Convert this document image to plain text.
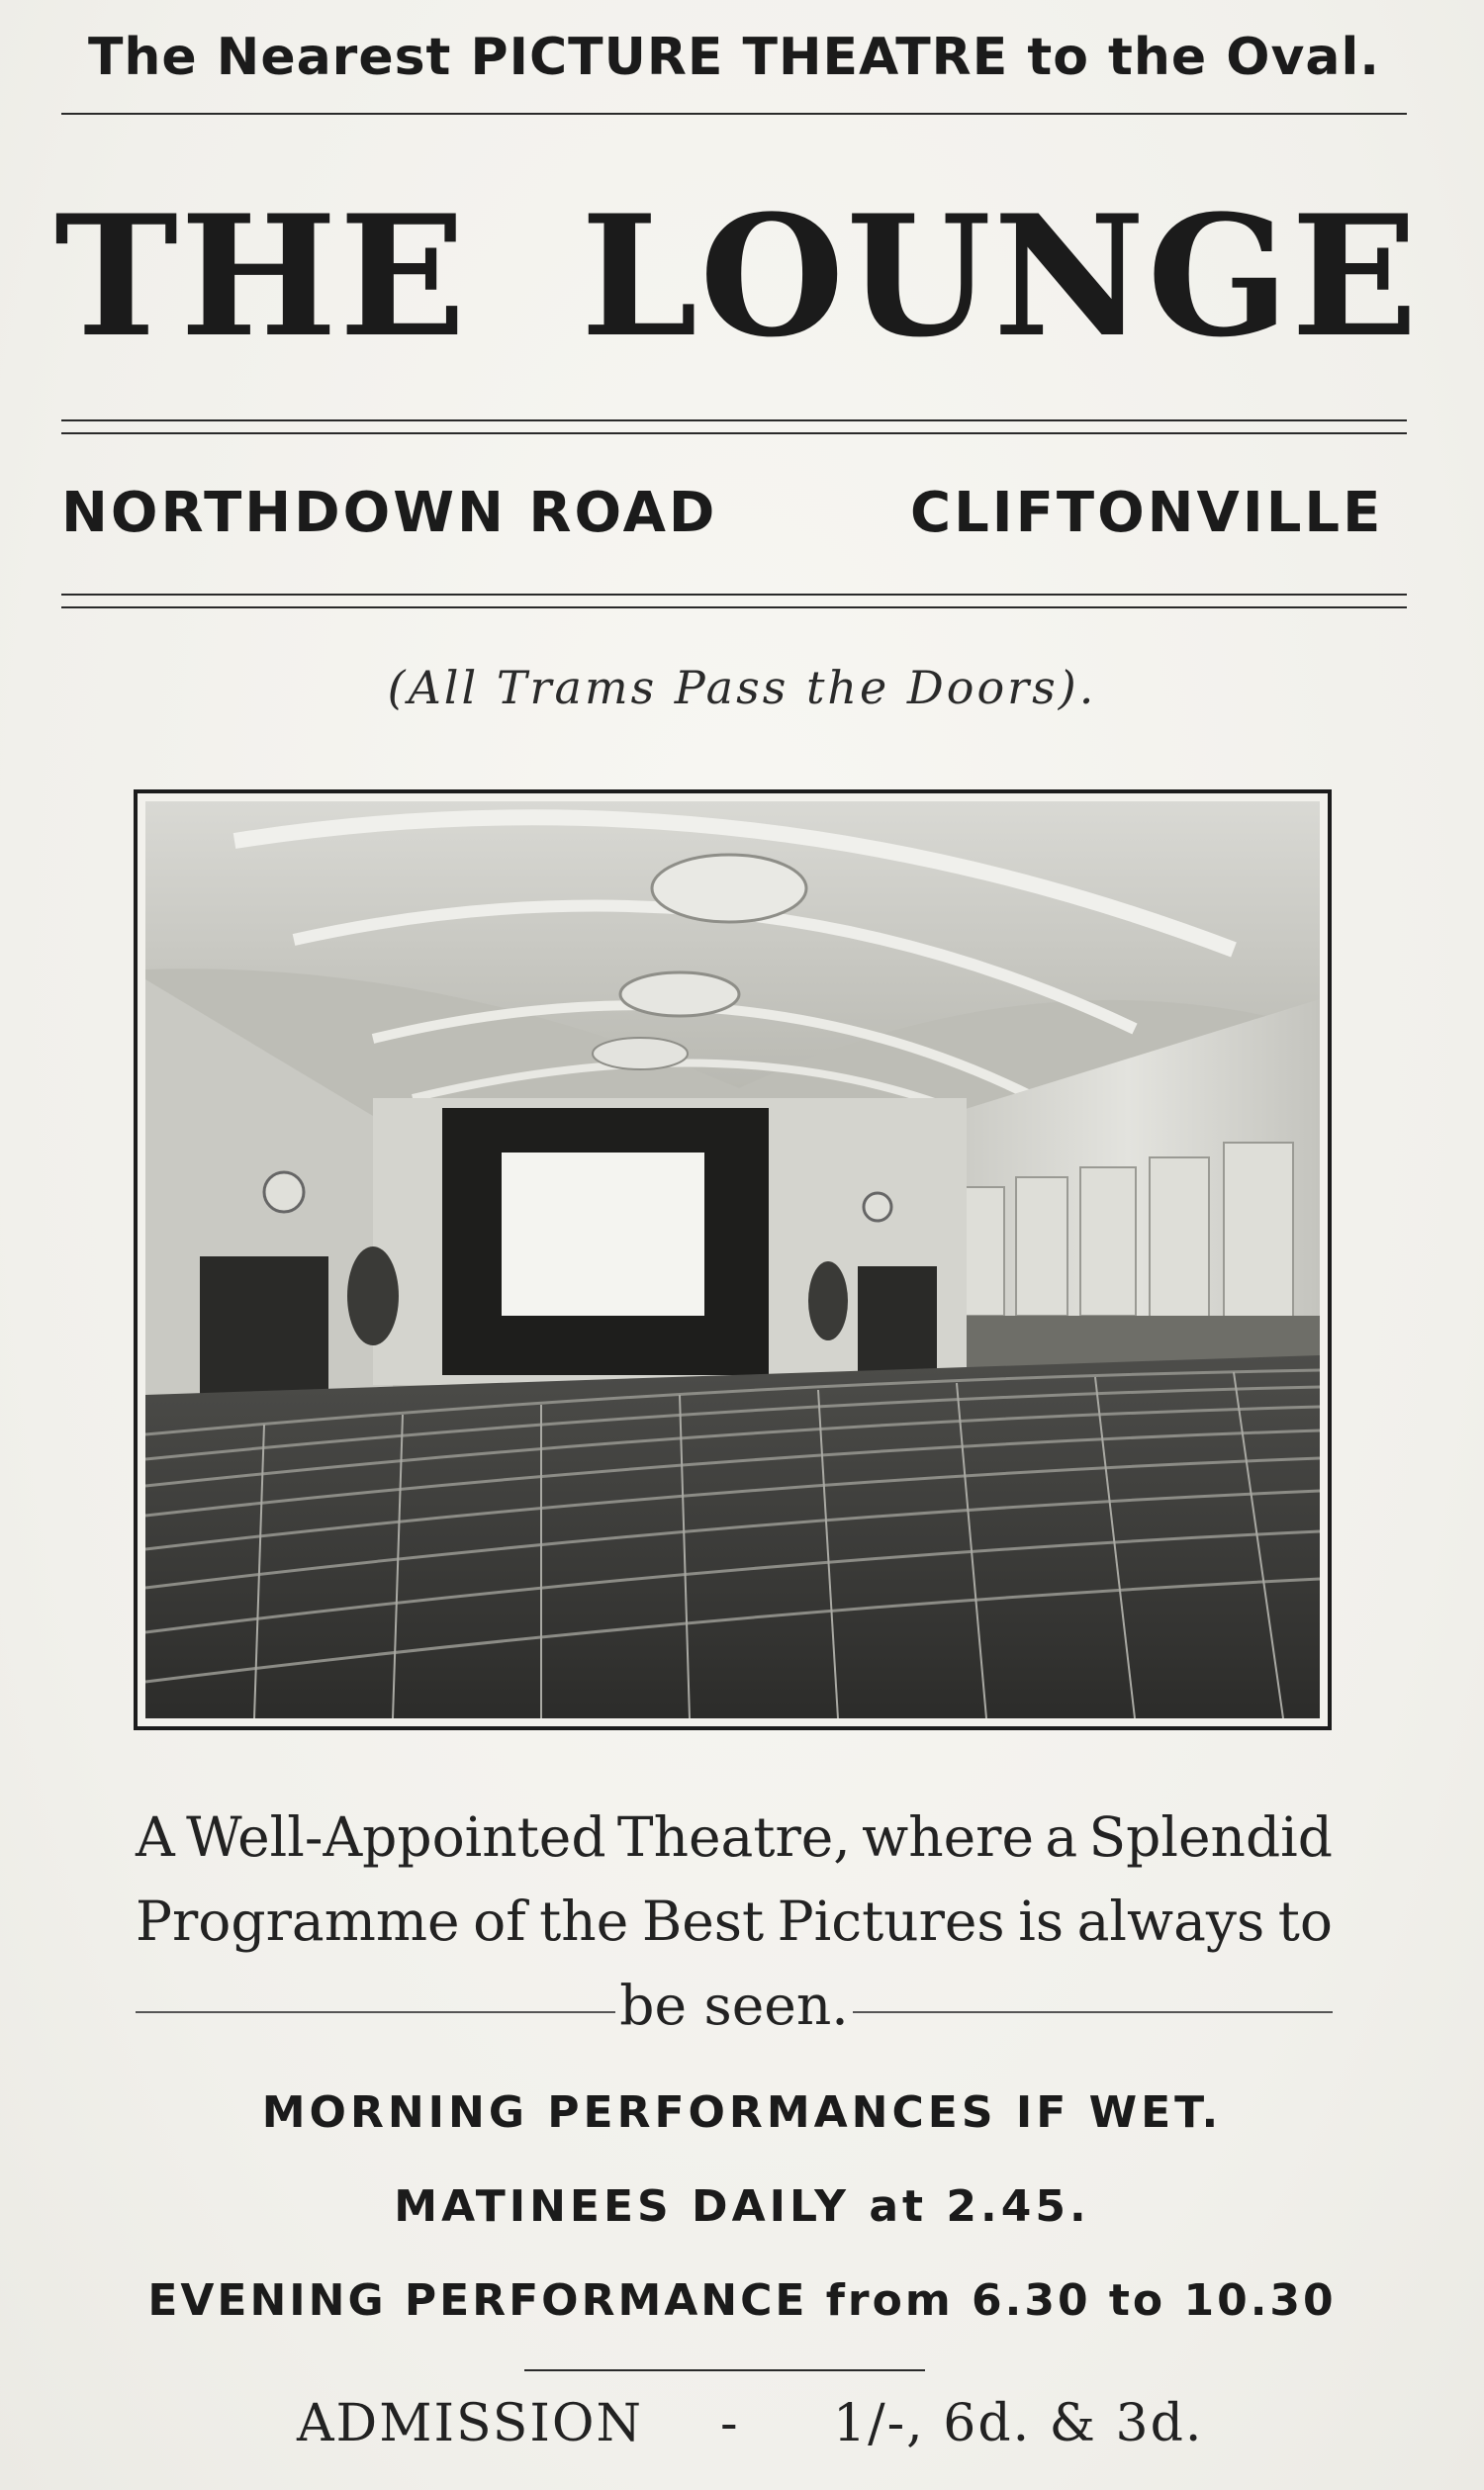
The Nearest PICTURE THEATRE to the Oval.
THE LOUNGE
NORTHDOWN ROAD	CLIFTONVILLE
(All Trams Pass the Doors).
A Well-Appointed Theatre, where a Splendid
Programme of the Best Pictures is always to
be seen.
MORNING PERFORMANCES IF WET.
MATINEES DAILY at 2.45.
EVENING PERFORMANCE from 6.30 to 10.30
ADMISSION - 1/-, 6d. & 3d.
